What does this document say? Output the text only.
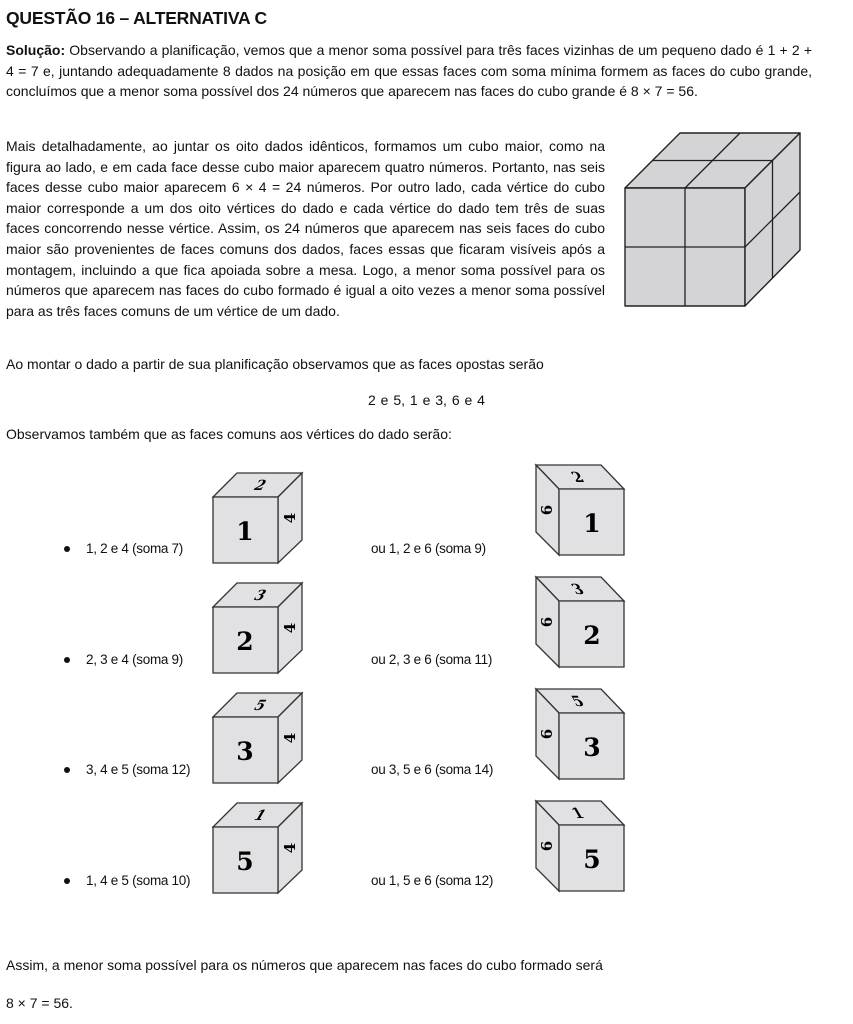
QUESTÃO 16 – ALTERNATIVA C
Solução: Observando a planificação, vemos que a menor soma possível para três faces vizinhas de um pequeno dado é 1 + 2 + 4 = 7 e, juntando adequadamente 8 dados na posição em que essas faces com soma mínima formem as faces do cubo grande, concluímos que a menor soma possível dos 24 números que aparecem nas faces do cubo grande é 8 × 7 = 56.
Mais detalhadamente, ao juntar os oito dados idênticos, formamos um cubo maior, como na figura ao lado, e em cada face desse cubo maior aparecem quatro números. Portanto, nas seis faces desse cubo maior aparecem 6 × 4 = 24 números. Por outro lado, cada vértice do cubo maior corresponde a um dos oito vértices do dado e cada vértice do dado tem três de suas faces concorrendo nesse vértice. Assim, os 24 números que aparecem nas seis faces do cubo maior são provenientes de faces comuns dos dados, faces essas que ficaram visíveis após a montagem, incluindo a que fica apoiada sobre a mesa. Logo, a menor soma possível para os números que aparecem nas faces do cubo formado é igual a oito vezes a menor soma possível para as três faces comuns de um vértice de um dado.
Ao montar o dado a partir de sua planificação observamos que as faces opostas serão
2 e 5, 1 e 3, 6 e 4
Observamos também que as faces comuns aos vértices do dado serão:
1, 2 e 4 (soma 7)	ou 1, 2 e 6 (soma 9)
2, 3 e 4 (soma 9)	ou 2, 3 e 6 (soma 11)
3, 4 e 5 (soma 12)	ou 3, 5 e 6 (soma 14)
1, 4 e 5 (soma 10)	ou 1, 5 e 6 (soma 12)
1
2
4
2
3
4
3
5
4
5
1
4
1
2
6
2
3
6
3
5
6
5
1
6
Assim, a menor soma possível para os números que aparecem nas faces do cubo formado será
8 × 7 = 56.
